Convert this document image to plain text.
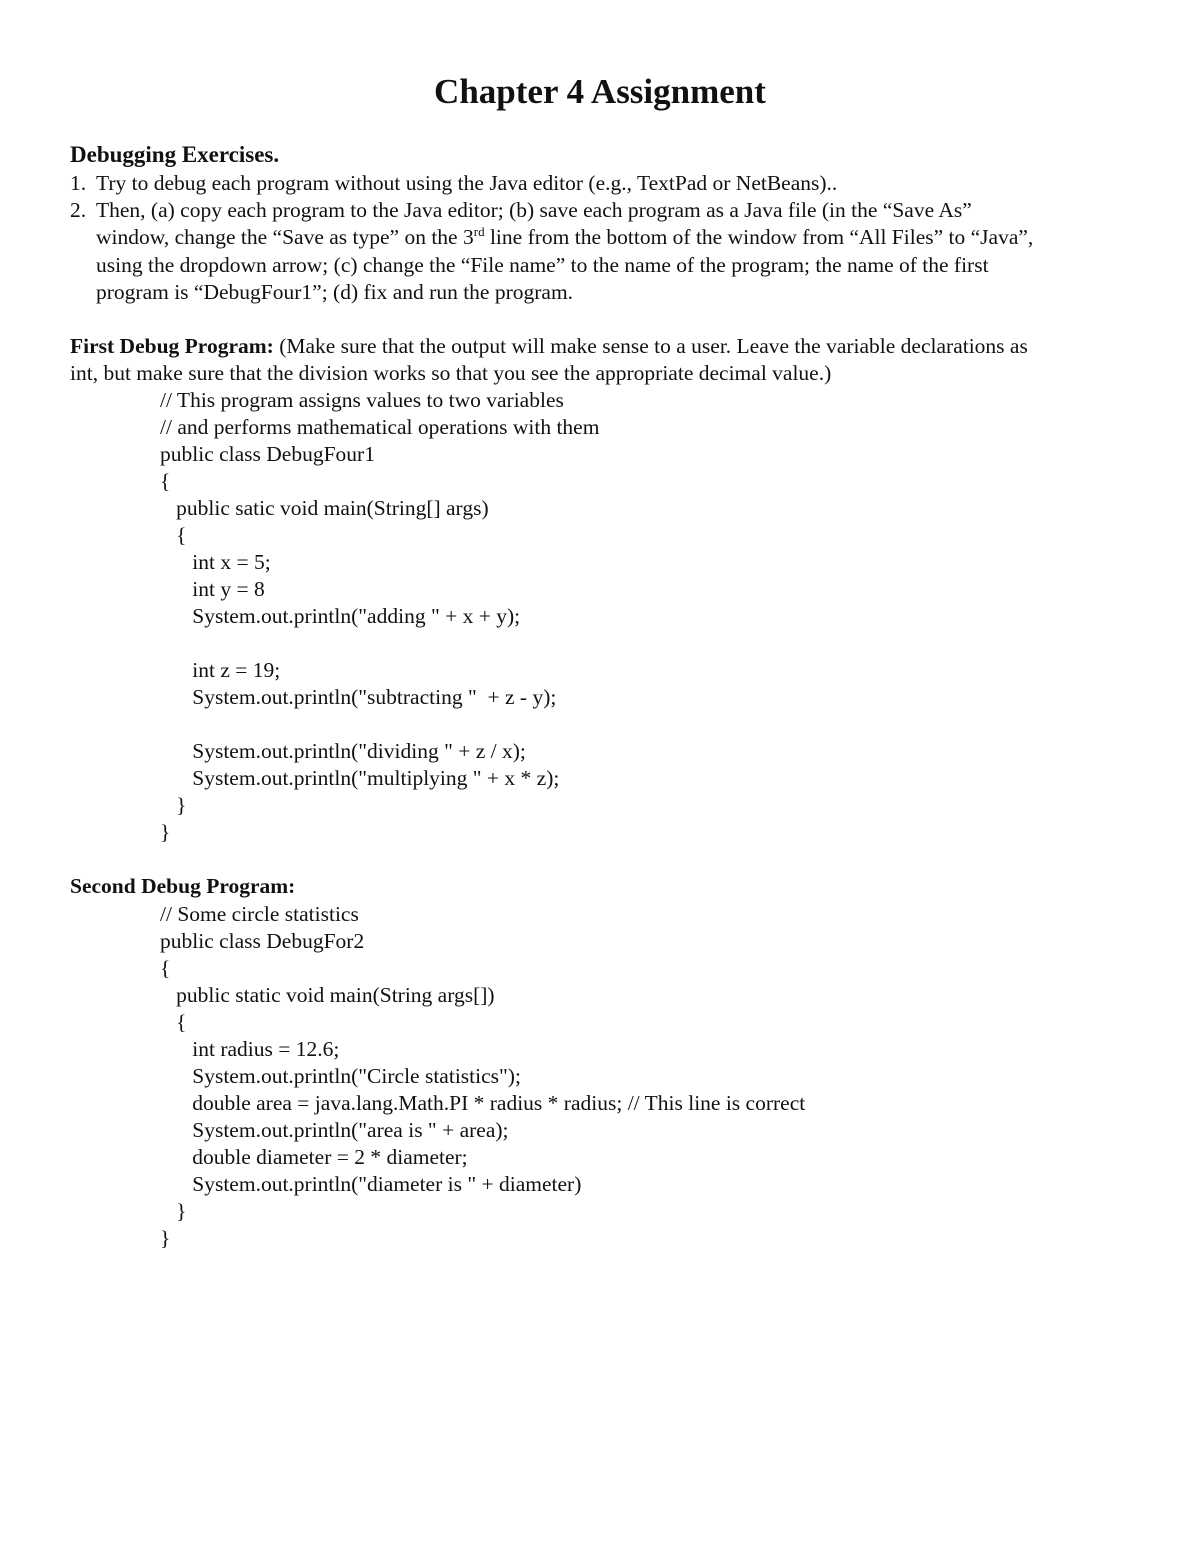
Chapter 4 Assignment
Debugging Exercises.
1. Try to debug each program without using the Java editor (e.g., TextPad or NetBeans)..
2. Then, (a) copy each program to the Java editor; (b) save each program as a Java file (in the “Save As”
window, change the “Save as type” on the 3rd line from the bottom of the window from “All Files” to “Java”,
using the dropdown arrow; (c) change the “File name” to the name of the program; the name of the first
program is “DebugFour1”; (d) fix and run the program.
First Debug Program: (Make sure that the output will make sense to a user. Leave the variable declarations as
int, but make sure that the division works so that you see the appropriate decimal value.)
// This program assigns values to two variables
// and performs mathematical operations with them
public class DebugFour1
{
public satic void main(String[] args)
{
int x = 5;
int y = 8
System.out.println("adding " + x + y);
int z = 19;
System.out.println("subtracting "  + z - y);
System.out.println("dividing " + z / x);
System.out.println("multiplying " + x * z);
}
}
Second Debug Program:
// Some circle statistics
public class DebugFor2
{
public static void main(String args[])
{
int radius = 12.6;
System.out.println("Circle statistics");
double area = java.lang.Math.PI * radius * radius; // This line is correct
System.out.println("area is " + area);
double diameter = 2 * diameter;
System.out.println("diameter is " + diameter)
}
}
